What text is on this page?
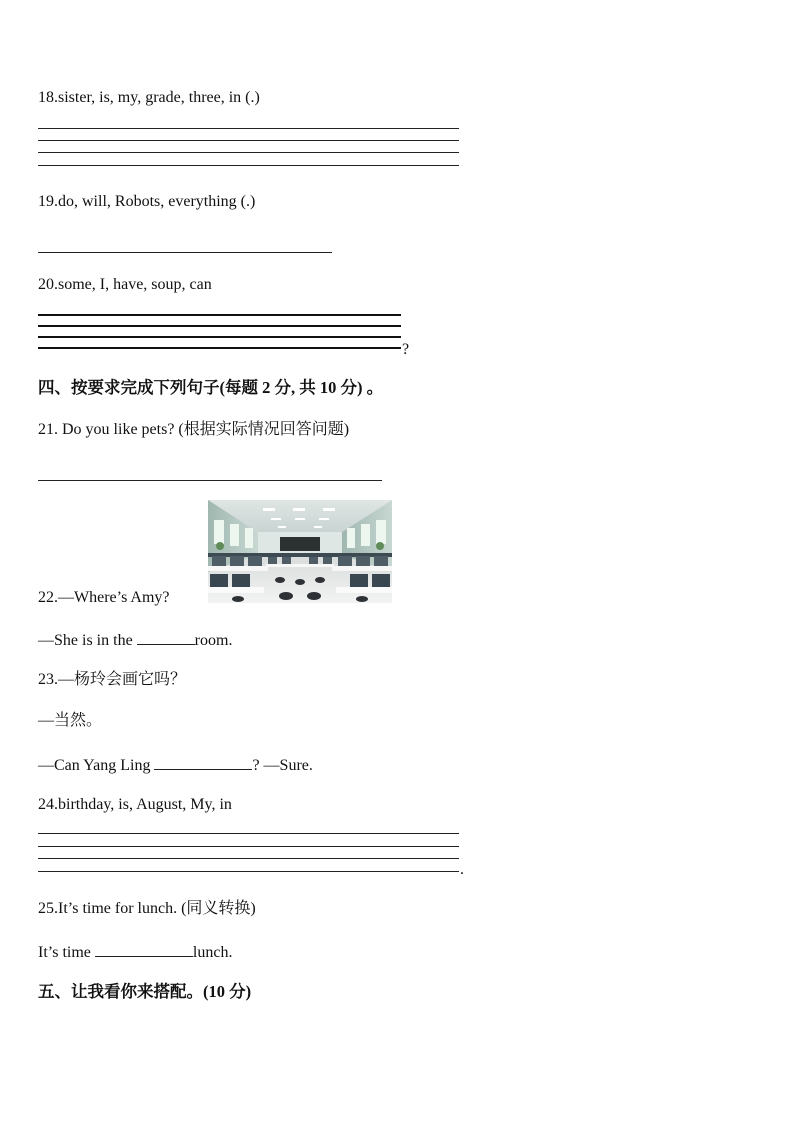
18.sister, is, my, grade, three, in (.)
19.do, will, Robots, everything (.)
20.some, I, have, soup, can
?
四、按要求完成下列句子(每题 2 分, 共 10 分) 。
21. Do you like pets? (根据实际情况回答问题)
22.—Where’s Amy?
—She is in the	room.
23.—杨玲会画它吗？
—当然。
—Can Yang Ling	? —Sure.
24.birthday, is, August, My, in
.
25.It’s time for lunch. (同义转换)
It’s time	lunch.
五、让我看你来搭配。(10 分)
